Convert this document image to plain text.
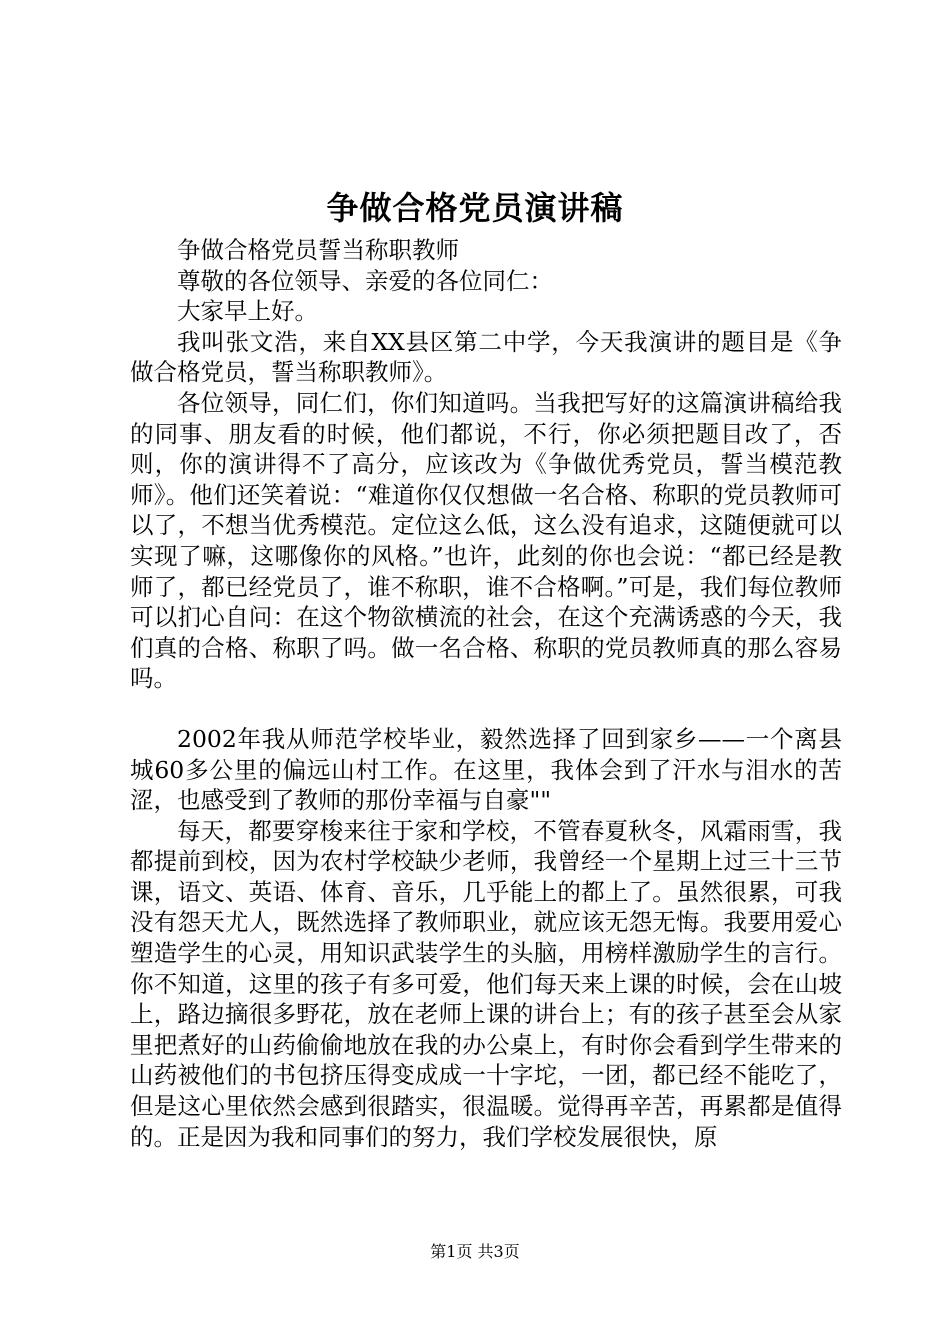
争做合格党员演讲稿

争做合格党员誓当称职教师

尊敬的各位领导、亲爱的各位同仁：

大家早上好。

我叫张文浩，来自XX县区第二中学，今天我演讲的题目是《争做合格党员，誓当称职教师》。

各位领导，同仁们，你们知道吗。当我把写好的这篇演讲稿给我的同事、朋友看的时候，他们都说，不行，你必须把题目改了，否则，你的演讲得不了高分，应该改为《争做优秀党员，誓当模范教师》。他们还笑着说：“难道你仅仅想做一名合格、称职的党员教师可以了，不想当优秀模范。定位这么低，这么没有追求，这随便就可以实现了嘛，这哪像你的风格。”也许，此刻的你也会说：“都已经是教师了，都已经党员了，谁不称职，谁不合格啊。”可是，我们每位教师可以扪心自问：在这个物欲横流的社会，在这个充满诱惑的今天，我们真的合格、称职了吗。做一名合格、称职的党员教师真的那么容易吗。

2002年我从师范学校毕业，毅然选择了回到家乡——一个离县城60多公里的偏远山村工作。在这里，我体会到了汗水与泪水的苦涩，也感受到了教师的那份幸福与自豪""

每天，都要穿梭来往于家和学校，不管春夏秋冬，风霜雨雪，我都提前到校，因为农村学校缺少老师，我曾经一个星期上过三十三节课，语文、英语、体育、音乐，几乎能上的都上了。虽然很累，可我没有怨天尤人，既然选择了教师职业，就应该无怨无悔。我要用爱心塑造学生的心灵，用知识武装学生的头脑，用榜样激励学生的言行。你不知道，这里的孩子有多可爱，他们每天来上课的时候，会在山坡上，路边摘很多野花，放在老师上课的讲台上；有的孩子甚至会从家里把煮好的山药偷偷地放在我的办公桌上，有时你会看到学生带来的山药被他们的书包挤压得变成成一十字坨，一团，都已经不能吃了，但是这心里依然会感到很踏实，很温暖。觉得再辛苦，再累都是值得的。正是因为我和同事们的努力，我们学校发展很快，原

第1页 共3页
